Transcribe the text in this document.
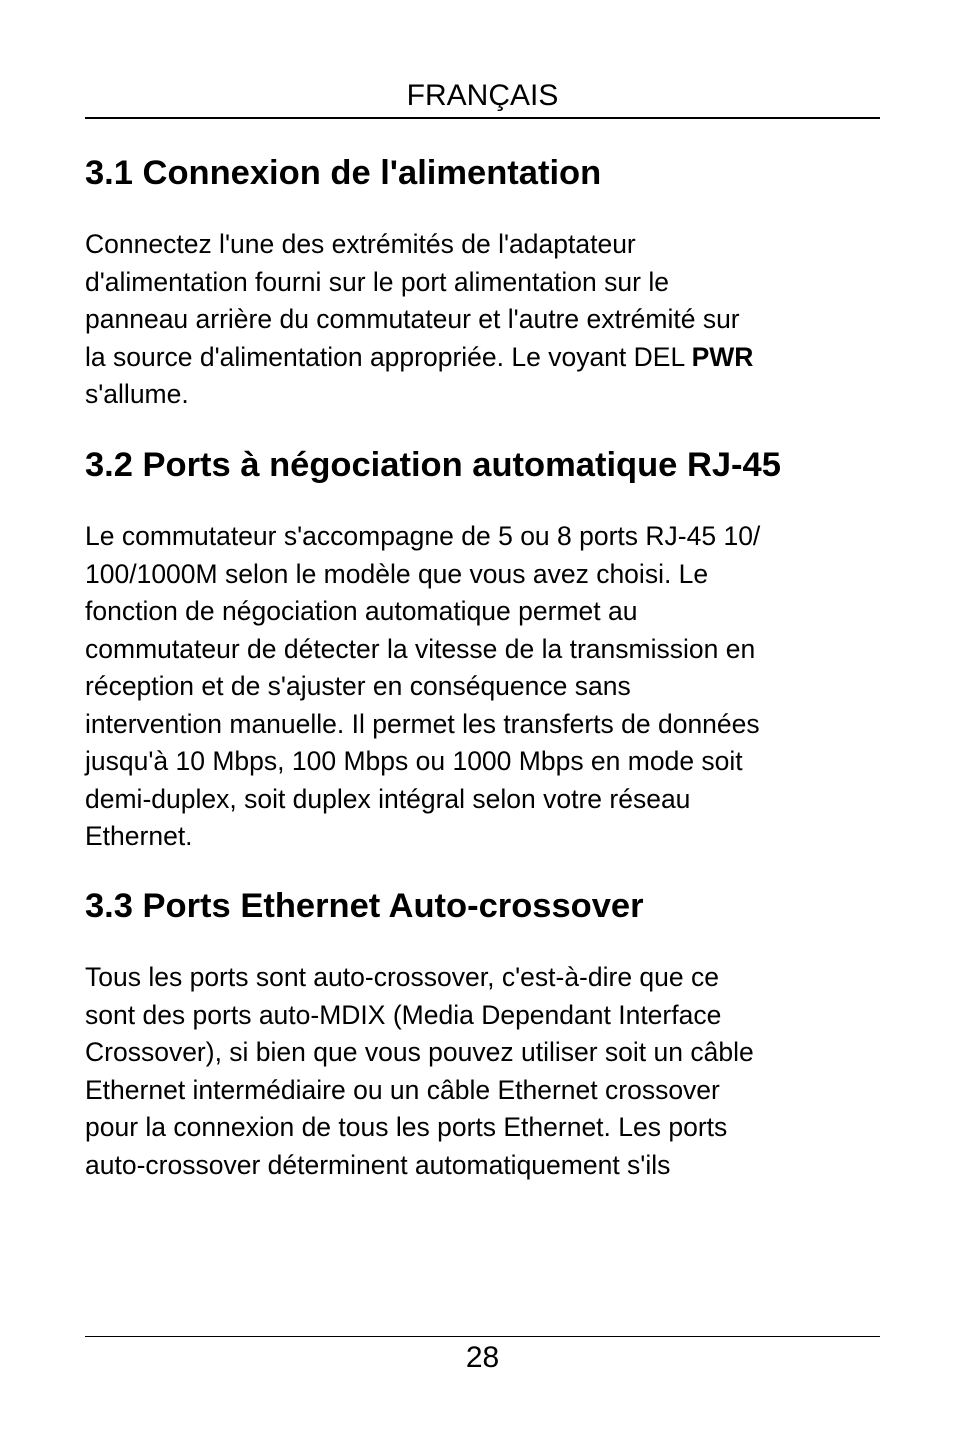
FRANÇAIS
3.1 Connexion de l'alimentation

Connectez l'une des extrémités de l'adaptateur
d'alimentation fourni sur le port alimentation sur le
panneau arrière du commutateur et l'autre extrémité sur
la source d'alimentation appropriée. Le voyant DEL PWR
s'allume.

3.2 Ports à négociation automatique RJ-45

Le commutateur s'accompagne de 5 ou 8 ports RJ-45 10/
100/1000M selon le modèle que vous avez choisi. Le
fonction de négociation automatique permet au
commutateur de détecter la vitesse de la transmission en
réception et de s'ajuster en conséquence sans
intervention manuelle. Il permet les transferts de données
jusqu'à 10 Mbps, 100 Mbps ou 1000 Mbps en mode soit
demi-duplex, soit duplex intégral selon votre réseau
Ethernet.

3.3 Ports Ethernet Auto-crossover

Tous les ports sont auto-crossover, c'est-à-dire que ce
sont des ports auto-MDIX (Media Dependant Interface
Crossover), si bien que vous pouvez utiliser soit un câble
Ethernet intermédiaire ou un câble Ethernet crossover
pour la connexion de tous les ports Ethernet. Les ports
auto-crossover déterminent automatiquement s'ils

28
